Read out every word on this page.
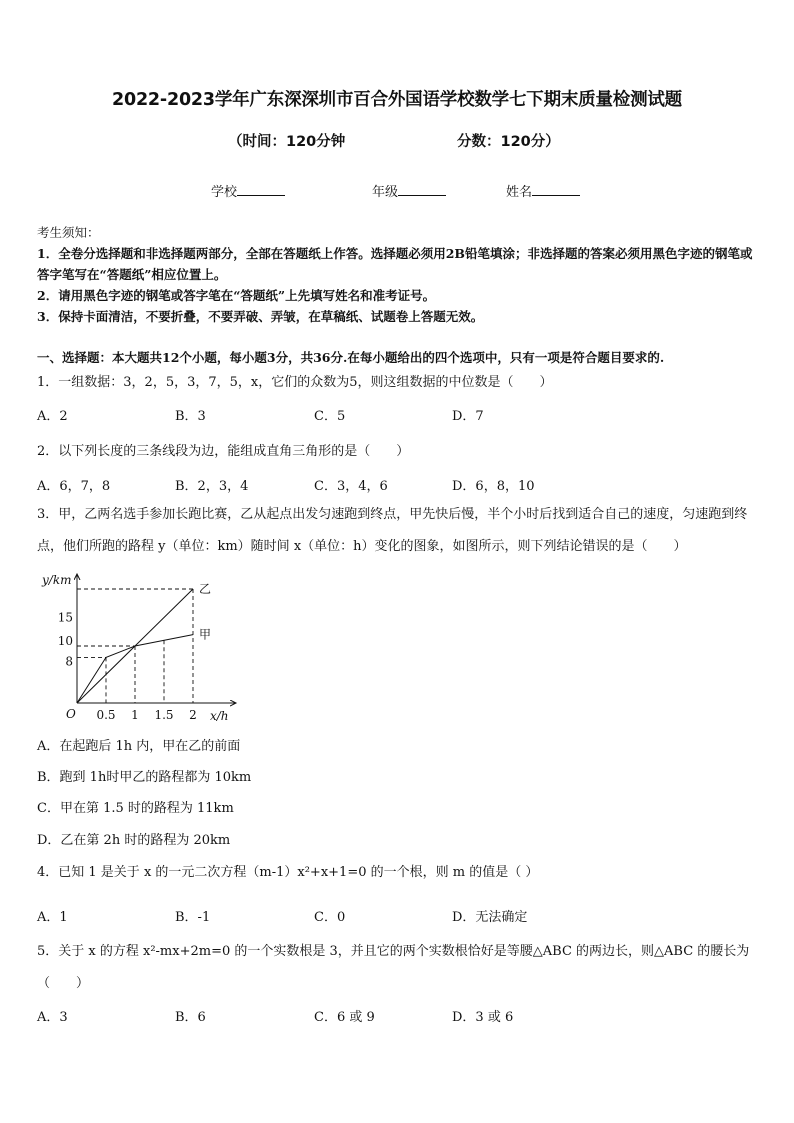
2022-2023学年广东深深圳市百合外国语学校数学七下期末质量检测试题
（时间：120分钟	分数：120分）
学校	年级	姓名
考生须知：
1．全卷分选择题和非选择题两部分，全部在答题纸上作答。选择题必须用2B铅笔填涂；非选择题的答案必须用黑色字迹的钢笔或答字笔写在“答题纸”相应位置上。
2．请用黑色字迹的钢笔或答字笔在“答题纸”上先填写姓名和准考证号。
3．保持卡面清洁，不要折叠，不要弄破、弄皱，在草稿纸、试题卷上答题无效。
一、选择题：本大题共12个小题，每小题3分，共36分.在每小题给出的四个选项中，只有一项是符合题目要求的.
1．一组数据：3，2，5，3，7，5，x，它们的众数为5，则这组数据的中位数是（　　）
A．2	B．3	C．5	D．7
2．以下列长度的三条线段为边，能组成直角三角形的是（　　）
A．6，7，8	B．2，3，4	C．3，4，6	D．6，8，10
3．甲，乙两名选手参加长跑比赛，乙从起点出发匀速跑到终点，甲先快后慢，半个小时后找到适合自己的速度，匀速跑到终点，他们所跑的路程 y（单位：km）随时间 x（单位：h）变化的图象，如图所示，则下列结论错误的是（　　）
y/km
x/h
O 0.5 1 1.5 2
8
10
15
甲
乙
A．在起跑后 1h 内，甲在乙的前面
B．跑到 1h时甲乙的路程都为 10km
C．甲在第 1.5 时的路程为 11km
D．乙在第 2h 时的路程为 20km
4．已知 1 是关于 x 的一元二次方程（m-1）x²+x+1=0 的一个根，则 m 的值是（ ）
A．1	B．-1	C．0	D．无法确定
5．关于 x 的方程 x²-mx+2m=0 的一个实数根是 3，并且它的两个实数根恰好是等腰△ABC 的两边长，则△ABC 的腰长为（　　）
A．3	B．6	C．6 或 9	D．3 或 6
